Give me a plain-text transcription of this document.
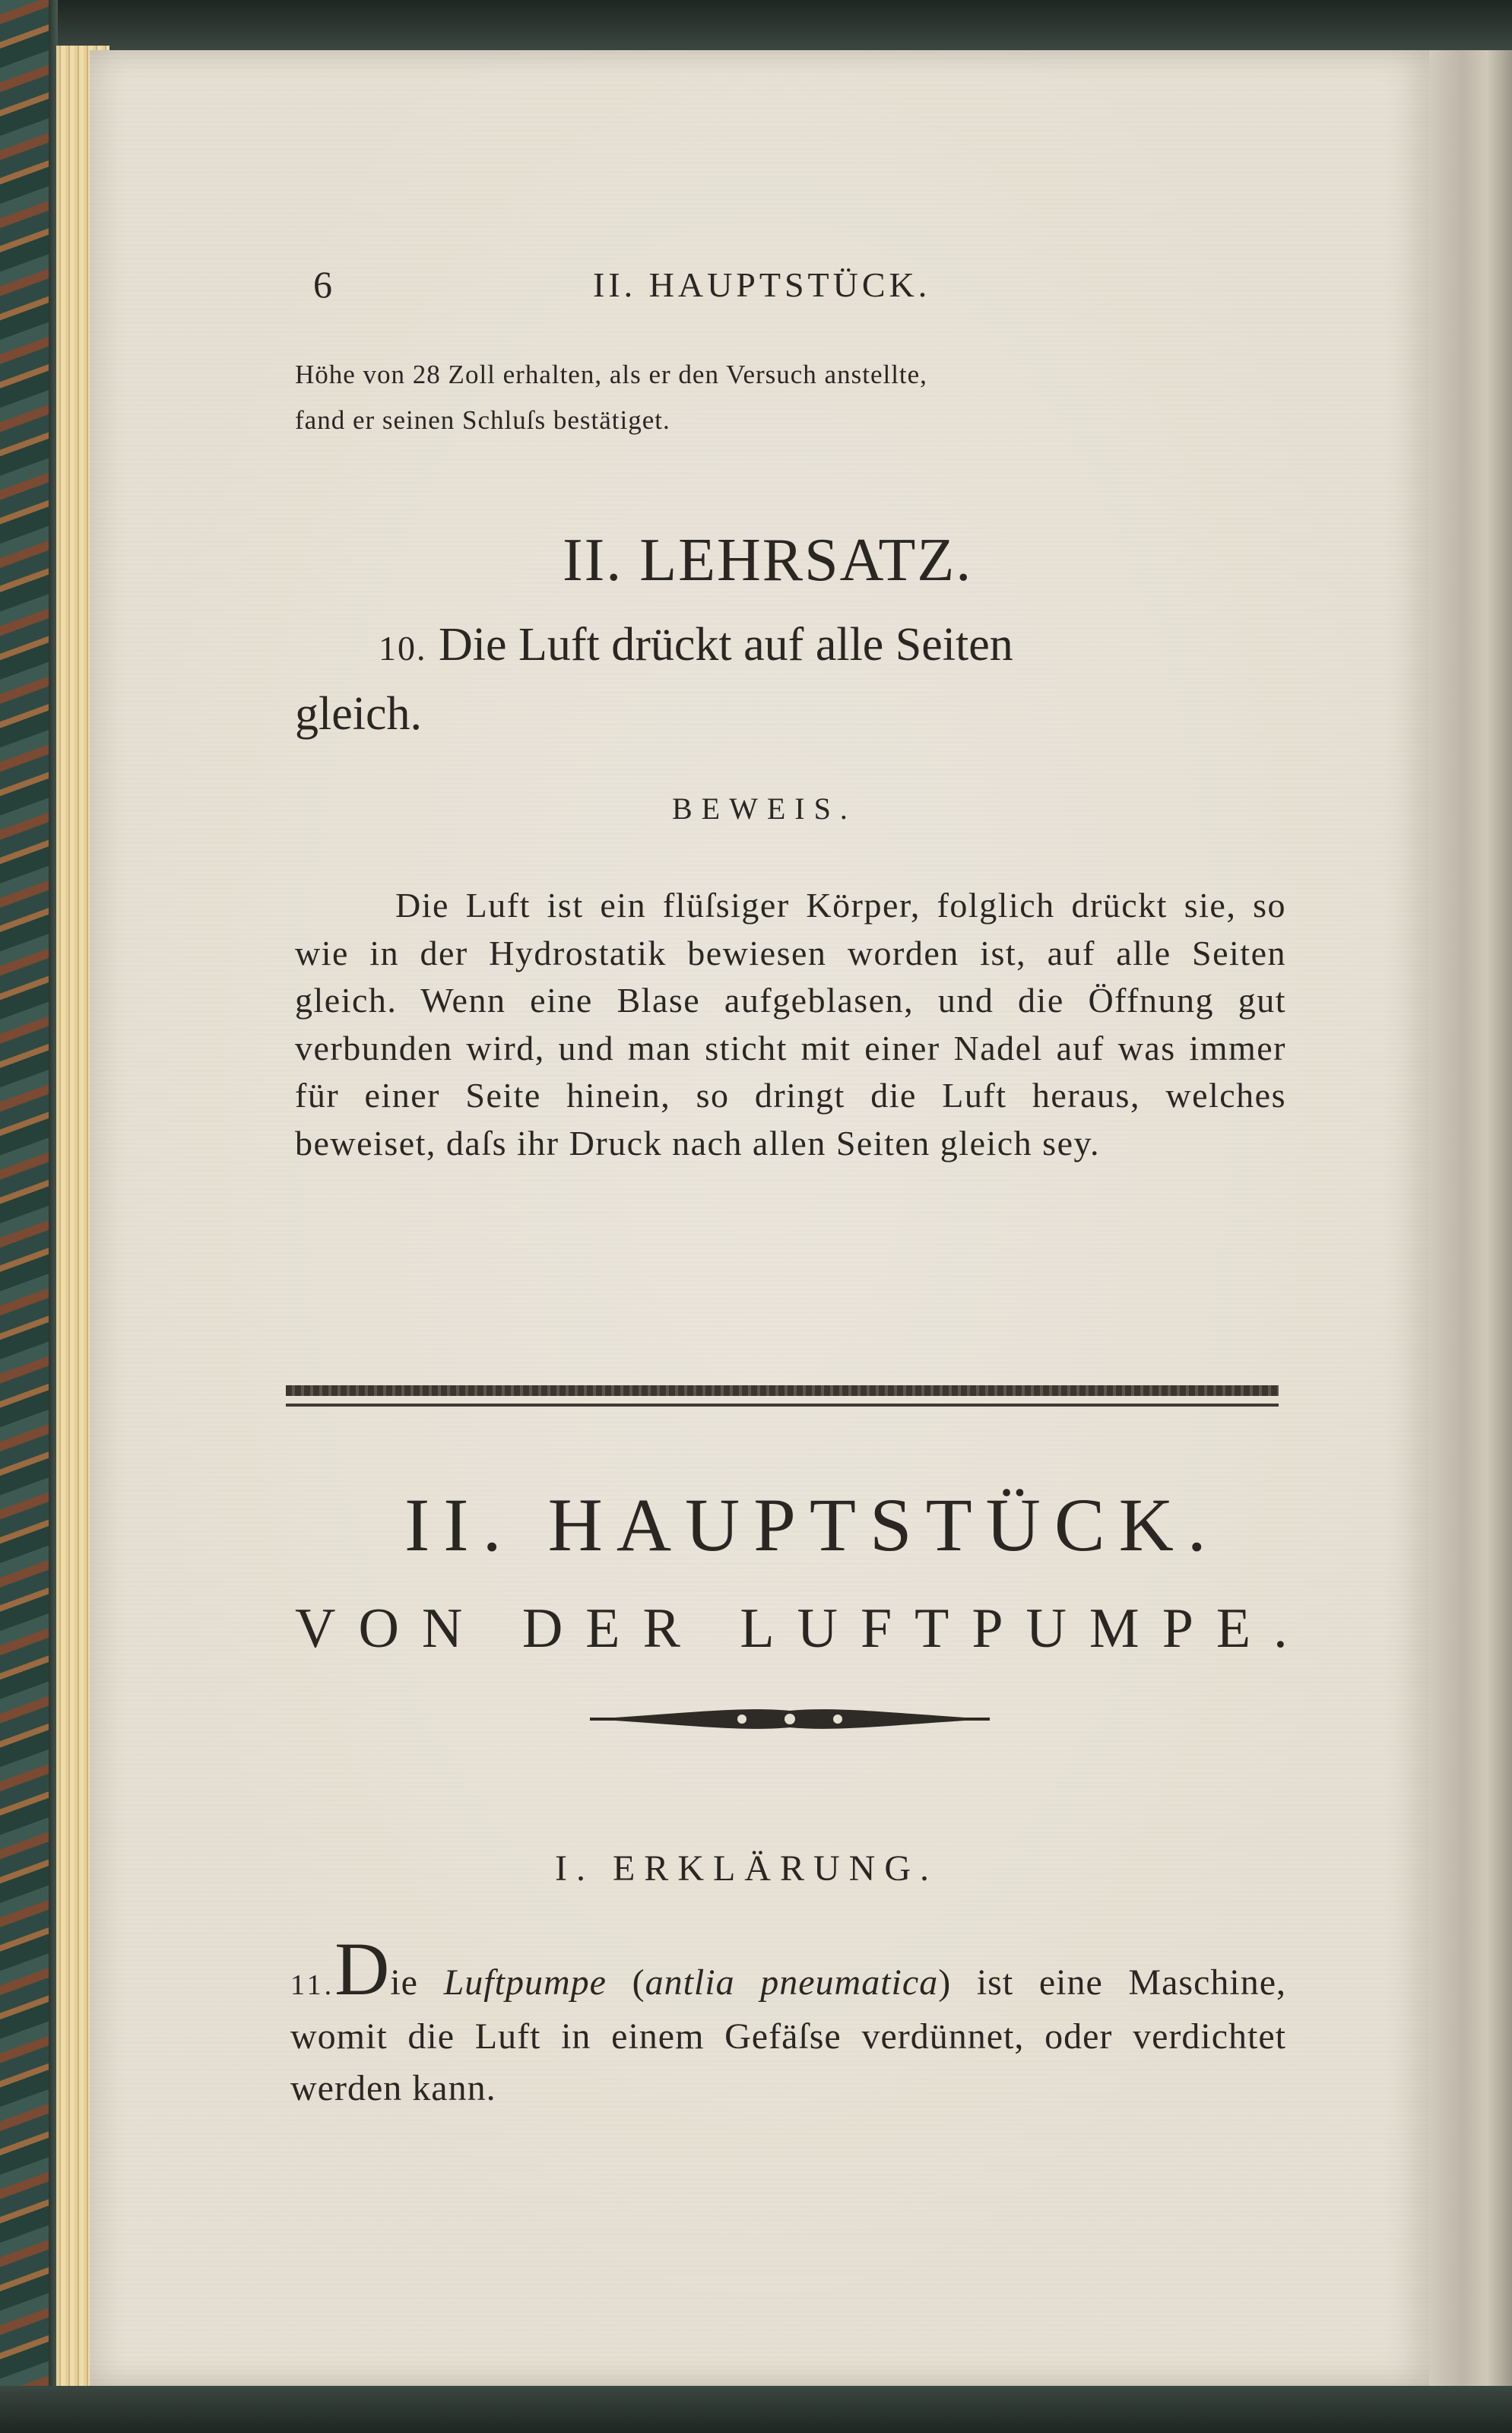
6	II. HAUPTSTÜCK.

Höhe von 28 Zoll erhalten, als er den Versuch anstellte,

fand er seinen Schluſs bestätiget.

II. LEHRSATZ.

10. Die Luft drückt auf alle Seiten
gleich.

BEWEIS.

Die Luft ist ein flüſsiger Körper, folglich drückt sie, so wie in der Hydrostatik bewiesen worden ist, auf alle Seiten gleich. Wenn eine Blase aufgeblasen, und die Öffnung gut verbunden wird, und man sticht mit einer Nadel auf was immer für einer Seite hinein, so dringt die Luft heraus, welches beweiset, daſs ihr Druck nach allen Seiten gleich sey.

II. HAUPTSTÜCK.

VON DER LUFTPUMPE.

I. ERKLÄRUNG.

11.Die Luftpumpe (antlia pneumatica) ist eine Maschine, womit die Luft in einem Gefäſse verdünnet, oder verdichtet werden kann.
